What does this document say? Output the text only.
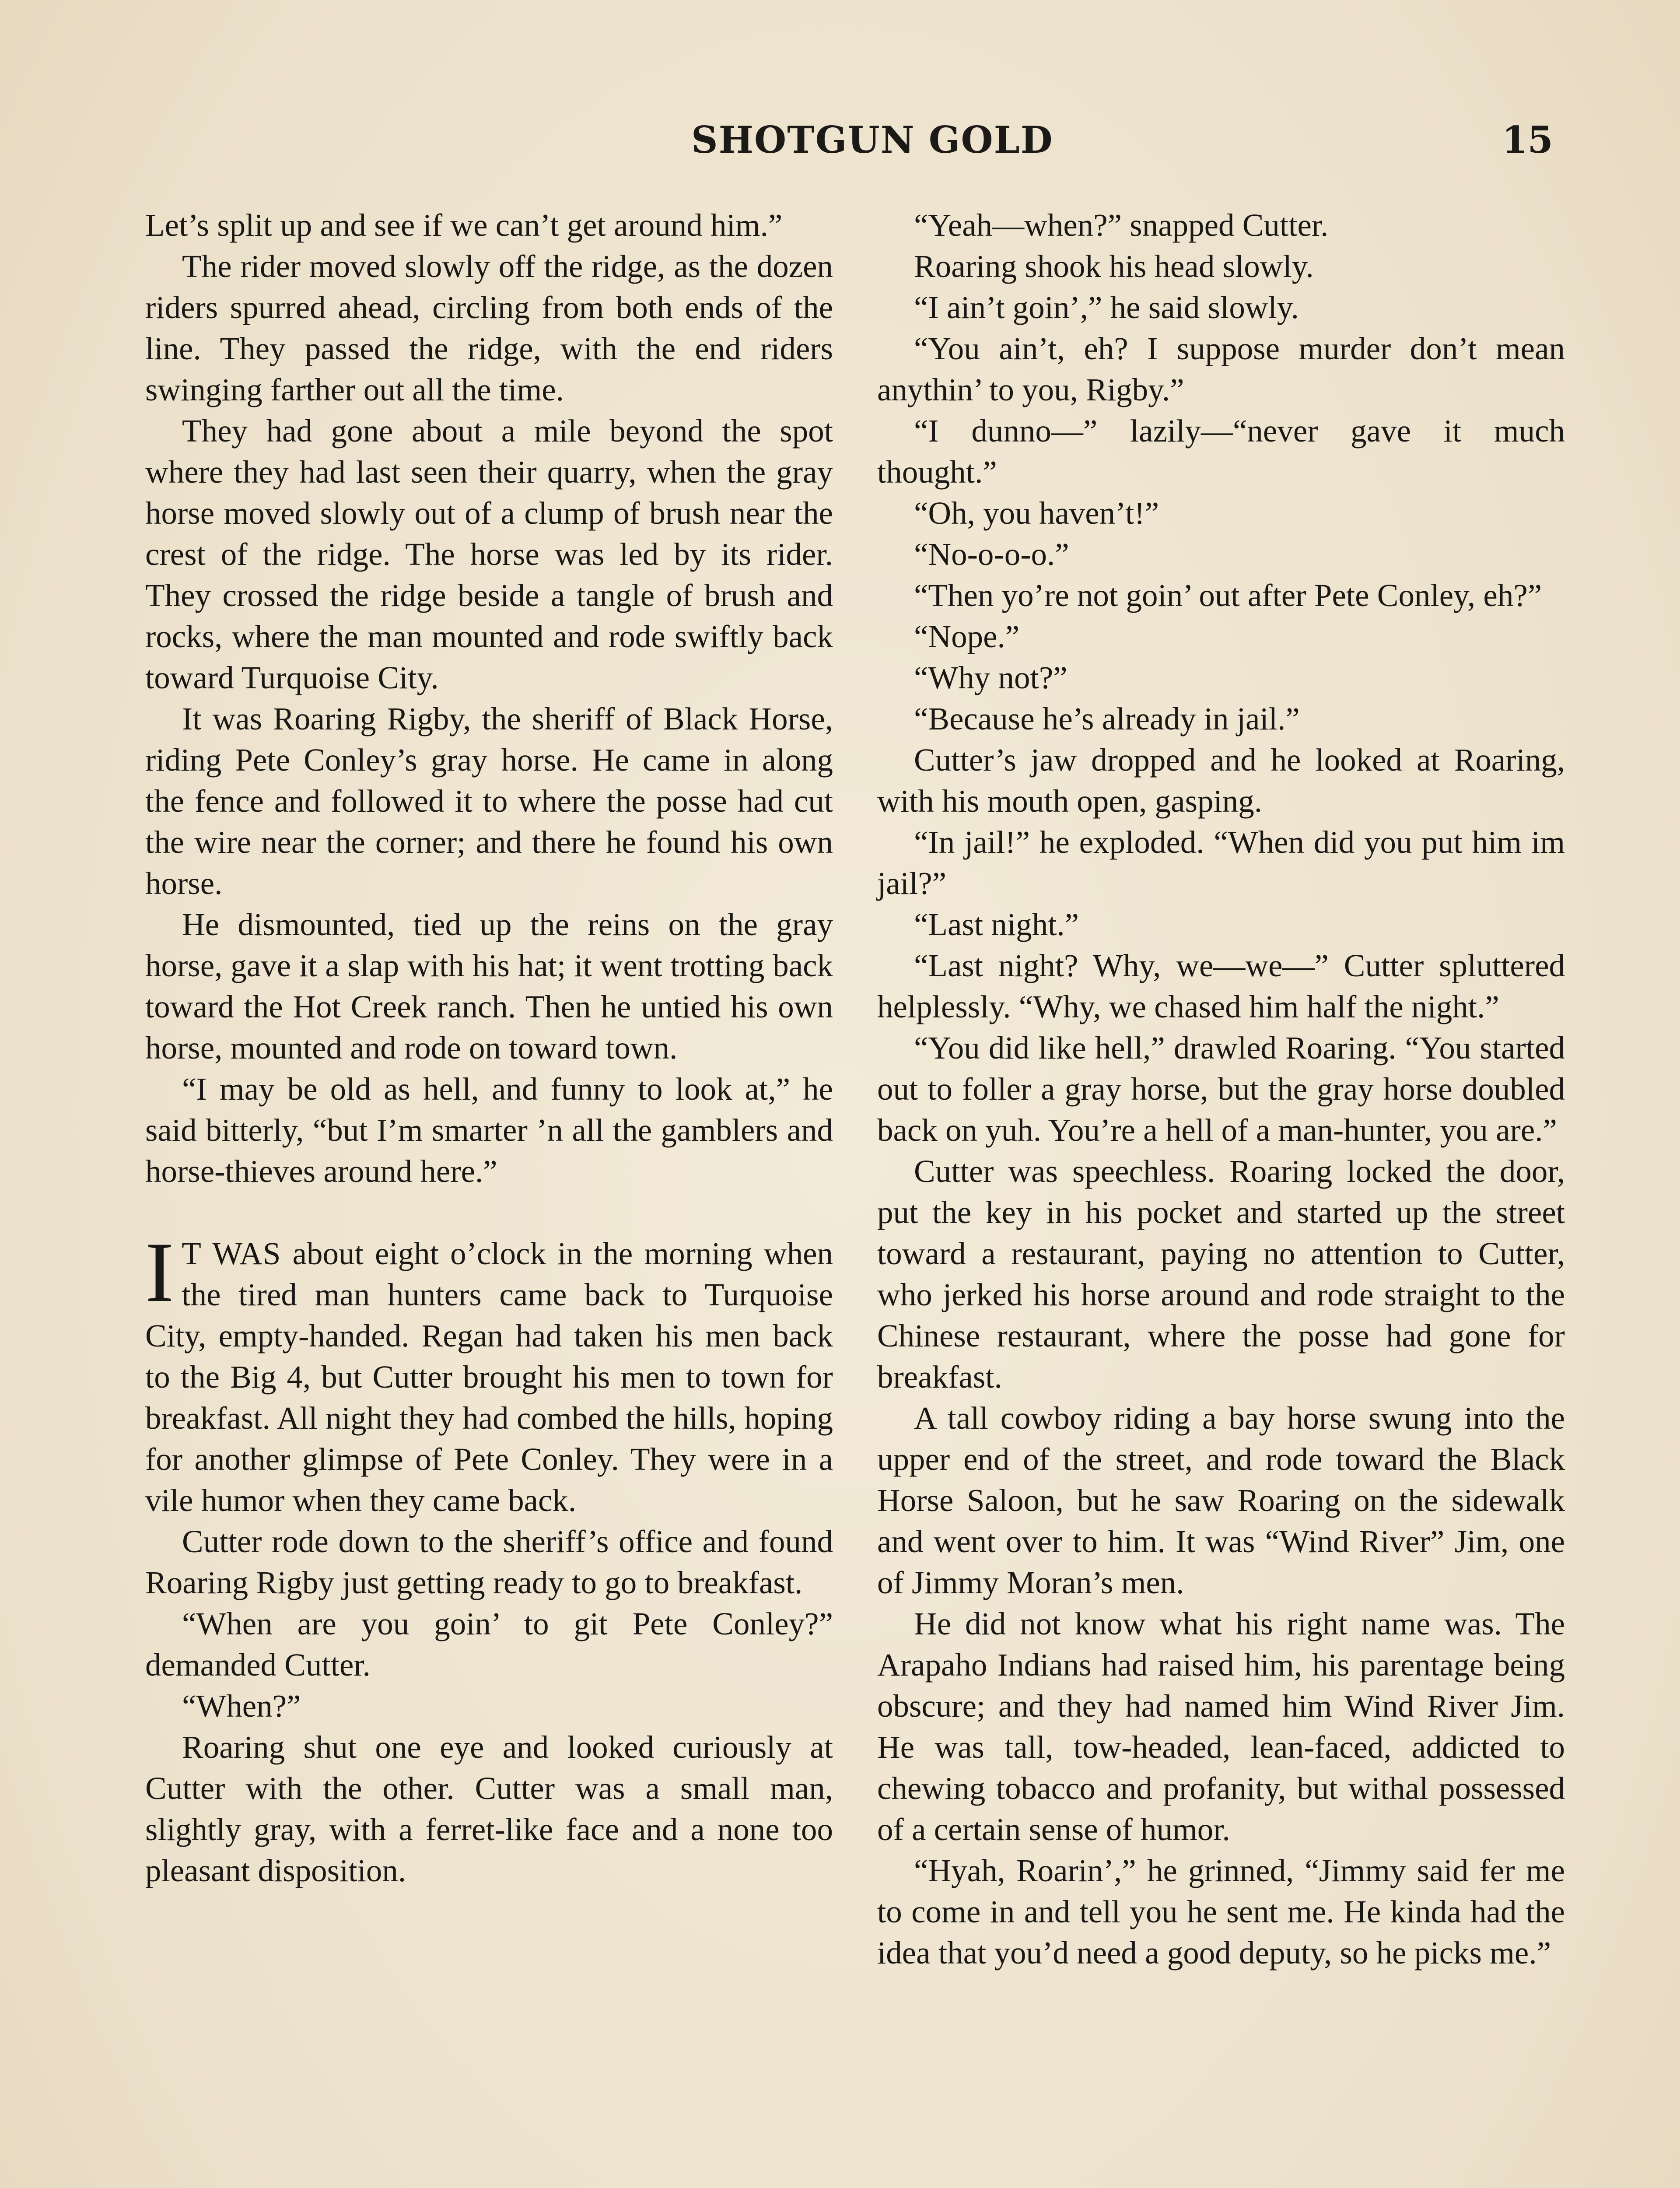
SHOTGUN GOLD	15

Let’s split up and see if we can’t get around him.”

The rider moved slowly off the ridge, as the dozen riders spurred ahead, circling from both ends of the line. They passed the ridge, with the end riders swinging farther out all the time.

They had gone about a mile beyond the spot where they had last seen their quarry, when the gray horse moved slowly out of a clump of brush near the crest of the ridge. The horse was led by its rider. They crossed the ridge beside a tangle of brush and rocks, where the man mounted and rode swiftly back toward Turquoise City.

It was Roaring Rigby, the sheriff of Black Horse, riding Pete Conley’s gray horse. He came in along the fence and followed it to where the posse had cut the wire near the corner; and there he found his own horse.

He dismounted, tied up the reins on the gray horse, gave it a slap with his hat; it went trotting back toward the Hot Creek ranch. Then he untied his own horse, mounted and rode on toward town.

“I may be old as hell, and funny to look at,” he said bitterly, “but I’m smarter ’n all the gamblers and horse-thieves around here.”

I T WAS about eight o’clock in the morning when the tired man hunters came back to Turquoise City, empty-handed. Regan had taken his men back to the Big 4, but Cutter brought his men to town for breakfast. All night they had combed the hills, hoping for another glimpse of Pete Conley. They were in a vile humor when they came back.

Cutter rode down to the sheriff’s office and found Roaring Rigby just getting ready to go to breakfast.

“When are you goin’ to git Pete Conley?” demanded Cutter.

“When?”

Roaring shut one eye and looked curiously at Cutter with the other. Cutter was a small man, slightly gray, with a ferret-like face and a none too pleasant disposition.

“Yeah—when?” snapped Cutter.

Roaring shook his head slowly.

“I ain’t goin’,” he said slowly.

“You ain’t, eh? I suppose murder don’t mean anythin’ to you, Rigby.”

“I dunno—” lazily—“never gave it much thought.”

“Oh, you haven’t!”

“No-o-o-o.”

“Then yo’re not goin’ out after Pete Conley, eh?”

“Nope.”

“Why not?”

“Because he’s already in jail.”

Cutter’s jaw dropped and he looked at Roaring, with his mouth open, gasping.

“In jail!” he exploded. “When did you put him im jail?”

“Last night.”

“Last night? Why, we—we—” Cutter spluttered helplessly. “Why, we chased him half the night.”

“You did like hell,” drawled Roaring. “You started out to foller a gray horse, but the gray horse doubled back on yuh. You’re a hell of a man-hunter, you are.”

Cutter was speechless. Roaring locked the door, put the key in his pocket and started up the street toward a restaurant, paying no attention to Cutter, who jerked his horse around and rode straight to the Chinese restaurant, where the posse had gone for breakfast.

A tall cowboy riding a bay horse swung into the upper end of the street, and rode toward the Black Horse Saloon, but he saw Roaring on the sidewalk and went over to him. It was “Wind River” Jim, one of Jimmy Moran’s men.

He did not know what his right name was. The Arapaho Indians had raised him, his parentage being obscure; and they had named him Wind River Jim. He was tall, tow-headed, lean-faced, addicted to chewing tobacco and profanity, but withal possessed of a certain sense of humor.

“Hyah, Roarin’,” he grinned, “Jimmy said fer me to come in and tell you he sent me. He kinda had the idea that you’d need a good deputy, so he picks me.”
